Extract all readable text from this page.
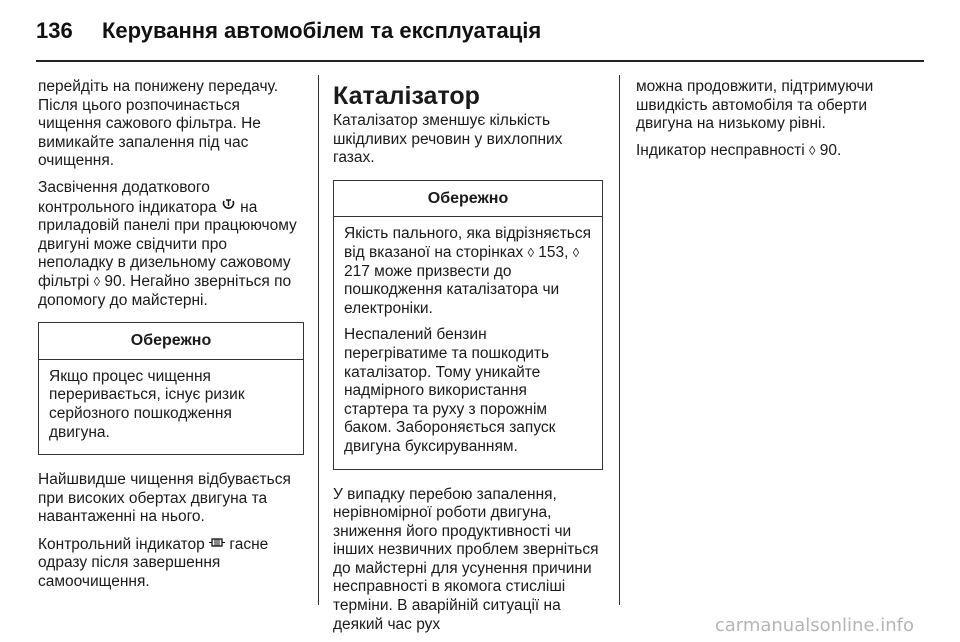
136 Керування автомобілем та експлуатація

перейдіть на понижену передачу. Після цього розпочинається чищення сажового фільтра. Не вимикайте запалення під час очищення.

Засвічення додаткового контрольного індикатора  на приладовій панелі при працюючому двигуні може свідчити про неполадку в дизельному сажовому фільтрі ◊ 90. Негайно зверніться по допомогу до майстерні.

Обережно

Якщо процес чищення переривається, існує ризик серйозного пошкодження двигуна.

Найшвидше чищення відбувається при високих обертах двигуна та навантаженні на нього.

Контрольний індикатор  гасне одразу після завершення самоочищення.

Каталізатор

Каталізатор зменшує кількість шкідливих речовин у вихлопних газах.

Обережно

Якість пального, яка відрізняється від вказаної на сторінках ◊ 153, ◊ 217 може призвести до пошкодження каталізатора чи електроніки.

Неспалений бензин перегріватиме та пошкодить каталізатор. Тому уникайте надмірного використання стартера та руху з порожнім баком. Забороняється запуск двигуна буксируванням.

У випадку перебою запалення, нерівномірної роботи двигуна, зниження його продуктивності чи інших незвичних проблем зверніться до майстерні для усунення причини несправності в якомога стисліші терміни. В аварійній ситуації на деякий час рух

можна продовжити, підтримуючи швидкість автомобіля та оберти двигуна на низькому рівні.

Індикатор несправності ◊ 90.

carmanualsonline.info
